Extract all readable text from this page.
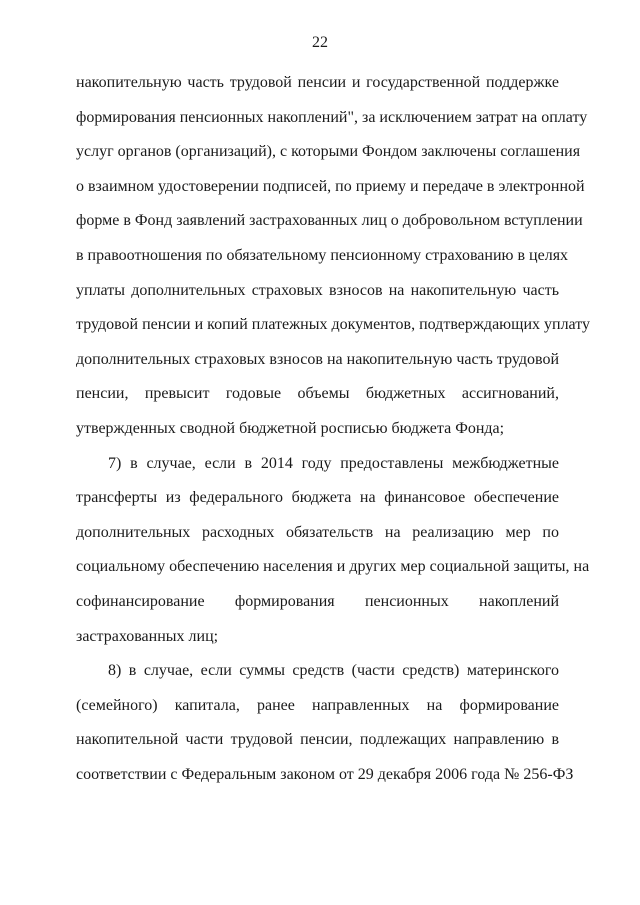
22
накопительную часть трудовой пенсии и государственной поддержке
формирования пенсионных накоплений", за исключением затрат на оплату
услуг органов (организаций), с которыми Фондом заключены соглашения
о взаимном удостоверении подписей, по приему и передаче в электронной
форме в Фонд заявлений застрахованных лиц о добровольном вступлении
в правоотношения по обязательному пенсионному страхованию в целях
уплаты дополнительных страховых взносов на накопительную часть
трудовой пенсии и копий платежных документов, подтверждающих уплату
дополнительных страховых взносов на накопительную часть трудовой
пенсии, превысит годовые объемы бюджетных ассигнований,
утвержденных сводной бюджетной росписью бюджета Фонда;
7) в случае, если в 2014 году предоставлены межбюджетные
трансферты из федерального бюджета на финансовое обеспечение
дополнительных расходных обязательств на реализацию мер по
социальному обеспечению населения и других мер социальной защиты, на
софинансирование формирования пенсионных накоплений
застрахованных лиц;
8) в случае, если суммы средств (части средств) материнского
(семейного) капитала, ранее направленных на формирование
накопительной части трудовой пенсии, подлежащих направлению в
соответствии с Федеральным законом от 29 декабря 2006 года № 256-ФЗ
